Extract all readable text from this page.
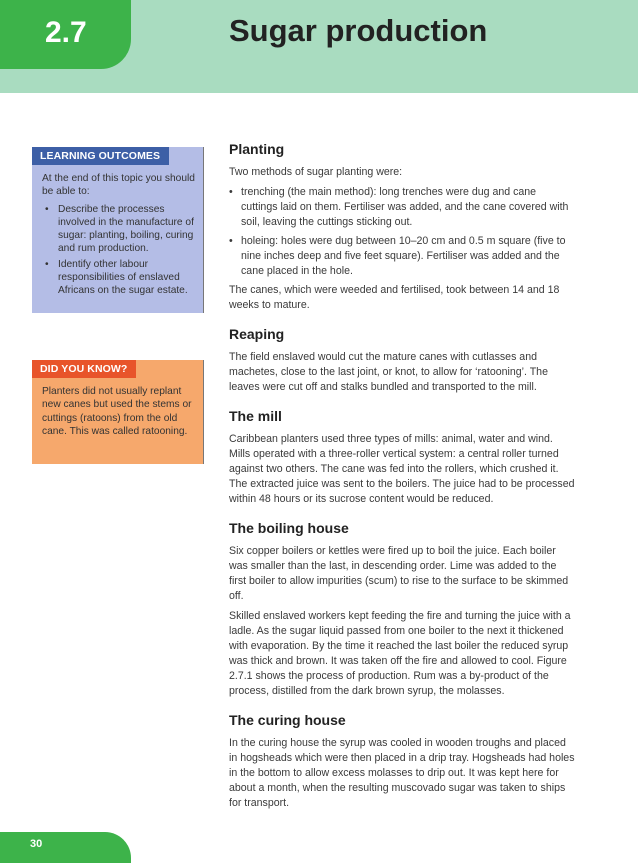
2.7	Sugar production
LEARNING OUTCOMES
At the end of this topic you should be able to:
• Describe the processes involved in the manufacture of sugar: planting, boiling, curing and rum production.
• Identify other labour responsibilities of enslaved Africans on the sugar estate.
DID YOU KNOW?
Planters did not usually replant new canes but used the stems or cuttings (ratoons) from the old cane. This was called ratooning.
Planting

Two methods of sugar planting were:

• trenching (the main method): long trenches were dug and cane cuttings laid on them. Fertiliser was added, and the cane covered with soil, leaving the cuttings sticking out.
• holeing: holes were dug between 10–20 cm and 0.5 m square (five to nine inches deep and five feet square). Fertiliser was added and the cane placed in the hole.

The canes, which were weeded and fertilised, took between 14 and 18 weeks to mature.

Reaping

The field enslaved would cut the mature canes with cutlasses and machetes, close to the last joint, or knot, to allow for ‘ratooning’. The leaves were cut off and stalks bundled and transported to the mill.

The mill

Caribbean planters used three types of mills: animal, water and wind. Mills operated with a three-roller vertical system: a central roller turned against two others. The cane was fed into the rollers, which crushed it. The extracted juice was sent to the boilers. The juice had to be processed within 48 hours or its sucrose content would be reduced.

The boiling house

Six copper boilers or kettles were fired up to boil the juice. Each boiler was smaller than the last, in descending order. Lime was added to the first boiler to allow impurities (scum) to rise to the surface to be skimmed off.

Skilled enslaved workers kept feeding the fire and turning the juice with a ladle. As the sugar liquid passed from one boiler to the next it thickened with evaporation. By the time it reached the last boiler the reduced syrup was thick and brown. It was taken off the fire and allowed to cool. Figure 2.7.1 shows the process of production. Rum was a by-product of the process, distilled from the dark brown syrup, the molasses.

The curing house

In the curing house the syrup was cooled in wooden troughs and placed in hogsheads which were then placed in a drip tray. Hogsheads had holes in the bottom to allow excess molasses to drip out. It was kept here for about a month, when the resulting muscovado sugar was taken to ships for transport.

30
